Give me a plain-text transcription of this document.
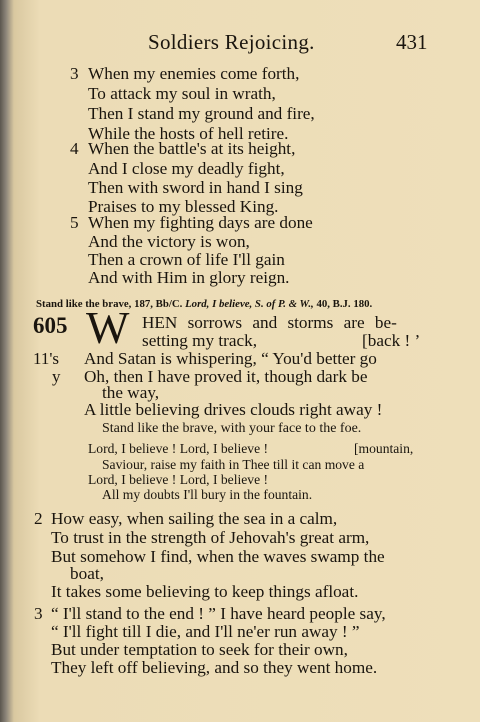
Soldiers Rejoicing.	431
3 When my enemies come forth,
To attack my soul in wrath,
Then I stand my ground and fire,
While the hosts of hell retire.
4 When the battle's at its height,
And I close my deadly fight,
Then with sword in hand I sing
Praises to my blessed King.
5 When my fighting days are done
And the victory is won,
Then a crown of life I'll gain
And with Him in glory reign.
Stand like the brave, 187, Bb/C. Lord, I believe, S. of P. & W., 40, B.J. 180.
605 W HEN sorrows and storms are be-
setting my track,	[back ! ’
11's
y
And Satan is whispering, “ You'd better go
Oh, then I have proved it, though dark be
the way,
A little believing drives clouds right away !
Stand like the brave, with your face to the foe.
Lord, I believe ! Lord, I believe !	[mountain,
Saviour, raise my faith in Thee till it can move a
Lord, I believe ! Lord, I believe !
All my doubts I'll bury in the fountain.
2 How easy, when sailing the sea in a calm,
To trust in the strength of Jehovah's great arm,
But somehow I find, when the waves swamp the
boat,
It takes some believing to keep things afloat.
3 “ I'll stand to the end ! ” I have heard people say,
“ I'll fight till I die, and I'll ne'er run away ! ”
But under temptation to seek for their own,
They left off believing, and so they went home.
